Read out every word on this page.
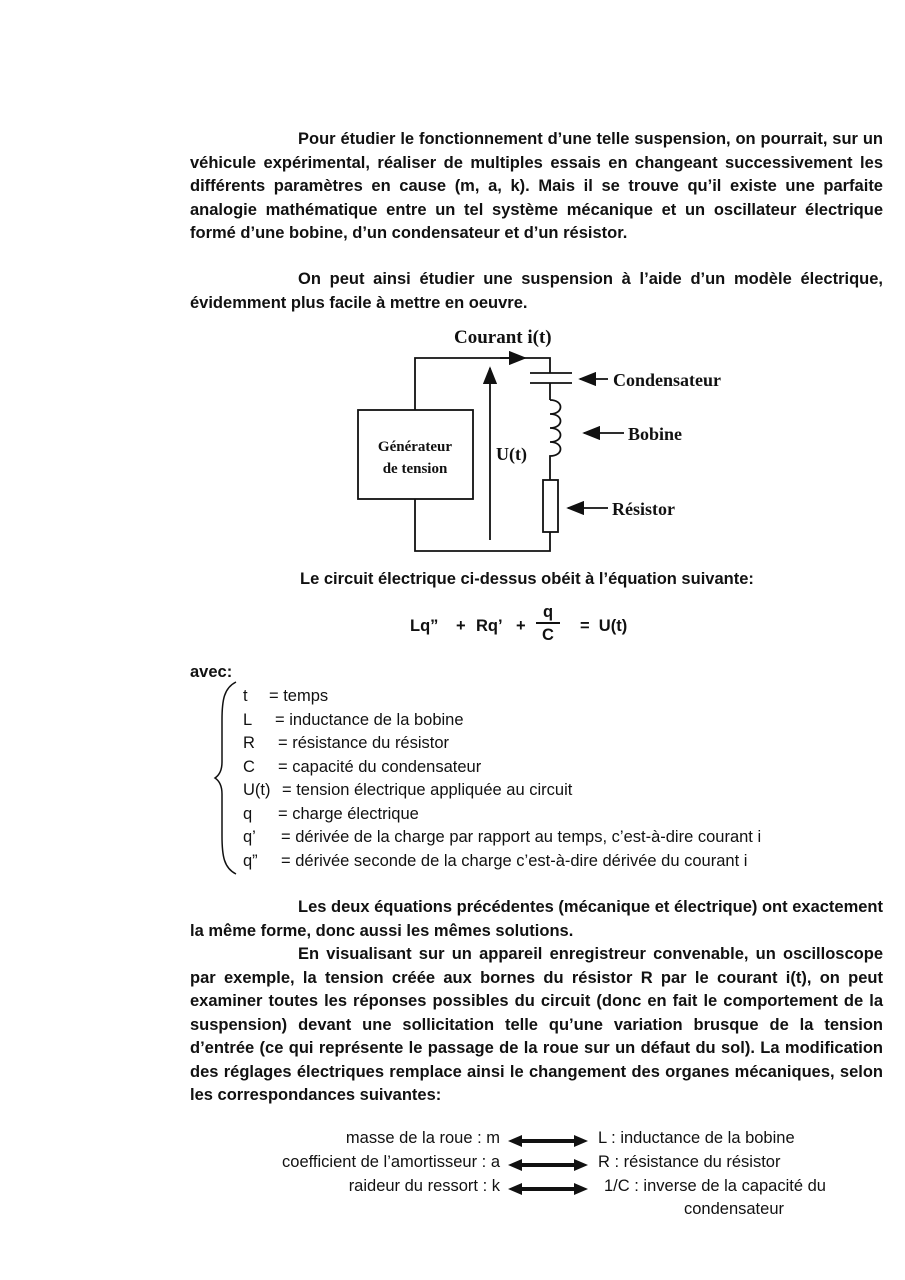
Pour étudier le fonctionnement d’une telle suspension, on pourrait, sur un véhicule expérimental, réaliser de multiples essais en changeant successivement les différents paramètres en cause (m, a, k). Mais il se trouve qu’il existe une parfaite analogie mathématique entre un tel système mécanique et un oscillateur électrique formé d’une bobine, d’un condensateur et d’un résistor.

On peut ainsi étudier une suspension à l’aide d’un modèle électrique, évidemment plus facile à mettre en oeuvre.

Courant i(t)
Générateur
de tension
U(t)
Condensateur
Bobine
Résistor
Le circuit électrique ci-dessus obéit à l’équation suivante:
Lq” + Rq’ +
q
C	=  U(t)
avec:
t = temps
L = inductance de la bobine
R = résistance du résistor
C = capacité du condensateur
U(t) = tension électrique appliquée au circuit
q = charge électrique
q’ = dérivée de la charge par rapport au temps, c’est-à-dire courant i
q” = dérivée seconde de la charge c’est-à-dire dérivée du courant i

Les deux équations précédentes (mécanique et électrique) ont exactement la même forme, donc aussi les mêmes solutions.

En visualisant sur un appareil enregistreur convenable, un oscilloscope par exemple, la tension créée aux bornes du résistor R par le courant i(t), on peut examiner toutes les réponses possibles du circuit (donc en fait le comportement de la suspension) devant une sollicitation telle qu’une variation brusque de la tension d’entrée (ce qui représente le passage de la roue sur un défaut du sol). La modification des réglages électriques remplace ainsi le changement des organes mécaniques, selon les correspondances suivantes:

masse de la roue : m	L : inductance de la bobine
coefficient de l’amortisseur : a	R : résistance du résistor
raideur du ressort : k	1/C : inverse de la capacité du
condensateur
